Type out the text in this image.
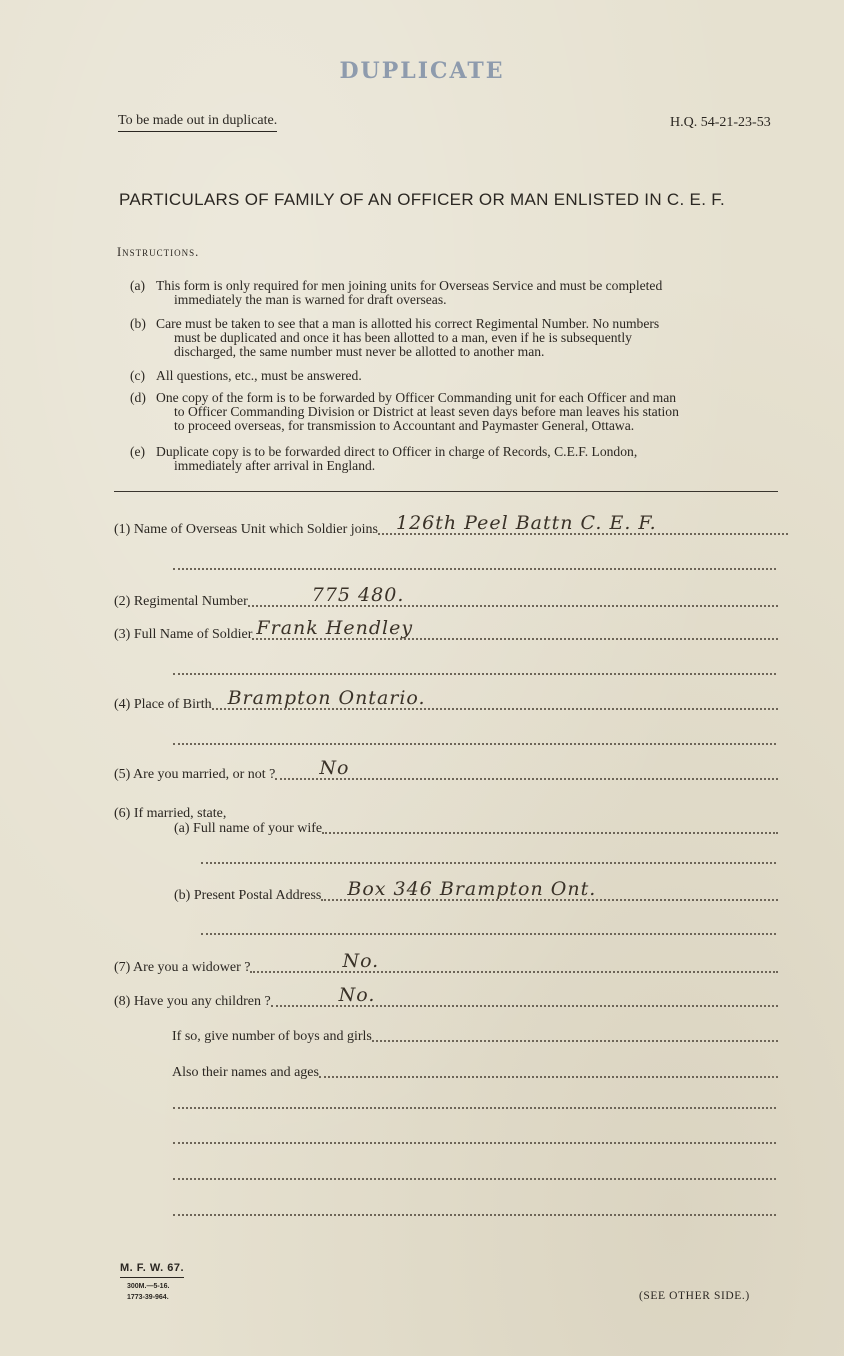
DUPLICATE
To be made out in duplicate.	H.Q. 54-21-23-53
PARTICULARS OF FAMILY OF AN OFFICER OR MAN ENLISTED IN C. E. F.
Instructions.
(a) This form is only required for men joining units for Overseas Service and must be completed
immediately the man is warned for draft overseas.
(b) Care must be taken to see that a man is allotted his correct Regimental Number. No numbers
must be duplicated and once it has been allotted to a man, even if he is subsequently
discharged, the same number must never be allotted to another man.
(c) All questions, etc., must be answered.
(d) One copy of the form is to be forwarded by Officer Commanding unit for each Officer and man
to Officer Commanding Division or District at least seven days before man leaves his station
to proceed overseas, for transmission to Accountant and Paymaster General, Ottawa.
(e) Duplicate copy is to be forwarded direct to Officer in charge of Records, C.E.F. London,
immediately after arrival in England.
(1) Name of Overseas Unit which Soldier joins 126th Peel Battn C. E. F.
(2) Regimental Number	775 480.
(3) Full Name of Soldier Frank Hendley
(4) Place of Birth Brampton Ontario.
(5) Are you married, or not ? No
(6) If married, state,
(a) Full name of your wife
(b) Present Postal Address Box 346 Brampton Ont.
(7) Are you a widower ?	No.
(8) Have you any children ?	No.
If so, give number of boys and girls
Also their names and ages
M. F. W. 67.
300M.—5-16.
1773-39-964.	(SEE OTHER SIDE.)
